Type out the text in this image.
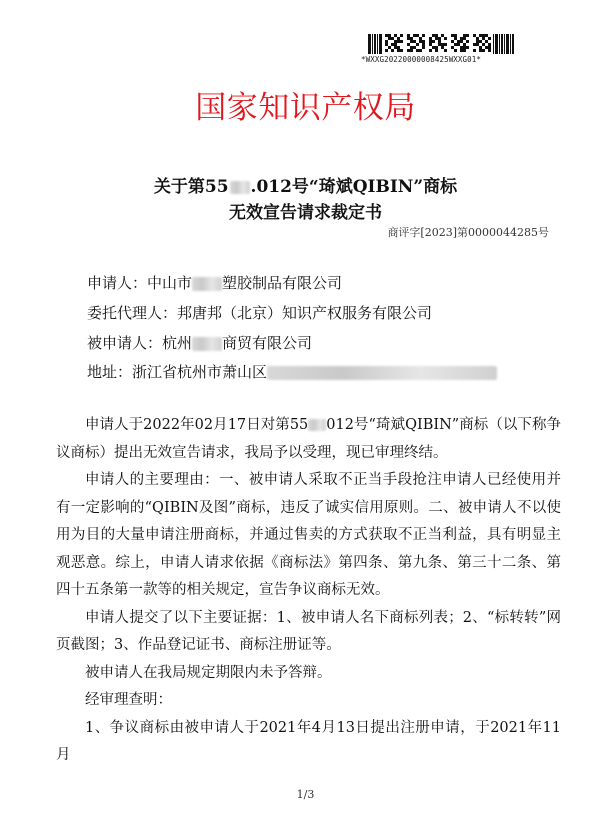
*WXXG20220000008425WXXG01*
国家知识产权局
关于第55 .012号“琦斌QIBIN”商标
无效宣告请求裁定书
商评字[2023]第0000044285号
申请人：中山市 塑胶制品有限公司
委托代理人：邦唐邦（北京）知识产权服务有限公司
被申请人：杭州 商贸有限公司
地址：浙江省杭州市萧山区

申请人于2022年02月17日对第55 012号“琦斌QIBIN”商标（以下称争议商标）提出无效宣告请求，我局予以受理，现已审理终结。

申请人的主要理由：一、被申请人采取不正当手段抢注申请人已经使用并有一定影响的“QIBIN及图”商标，违反了诚实信用原则。二、被申请人不以使用为目的大量申请注册商标，并通过售卖的方式获取不正当利益，具有明显主观恶意。综上，申请人请求依据《商标法》第四条、第九条、第三十二条、第四十五条第一款等的相关规定，宣告争议商标无效。

申请人提交了以下主要证据：1、被申请人名下商标列表；2、“标转转”网页截图；3、作品登记证书、商标注册证等。

被申请人在我局规定期限内未予答辩。

经审理查明：

1、争议商标由被申请人于2021年4月13日提出注册申请，于2021年11月

1/3
